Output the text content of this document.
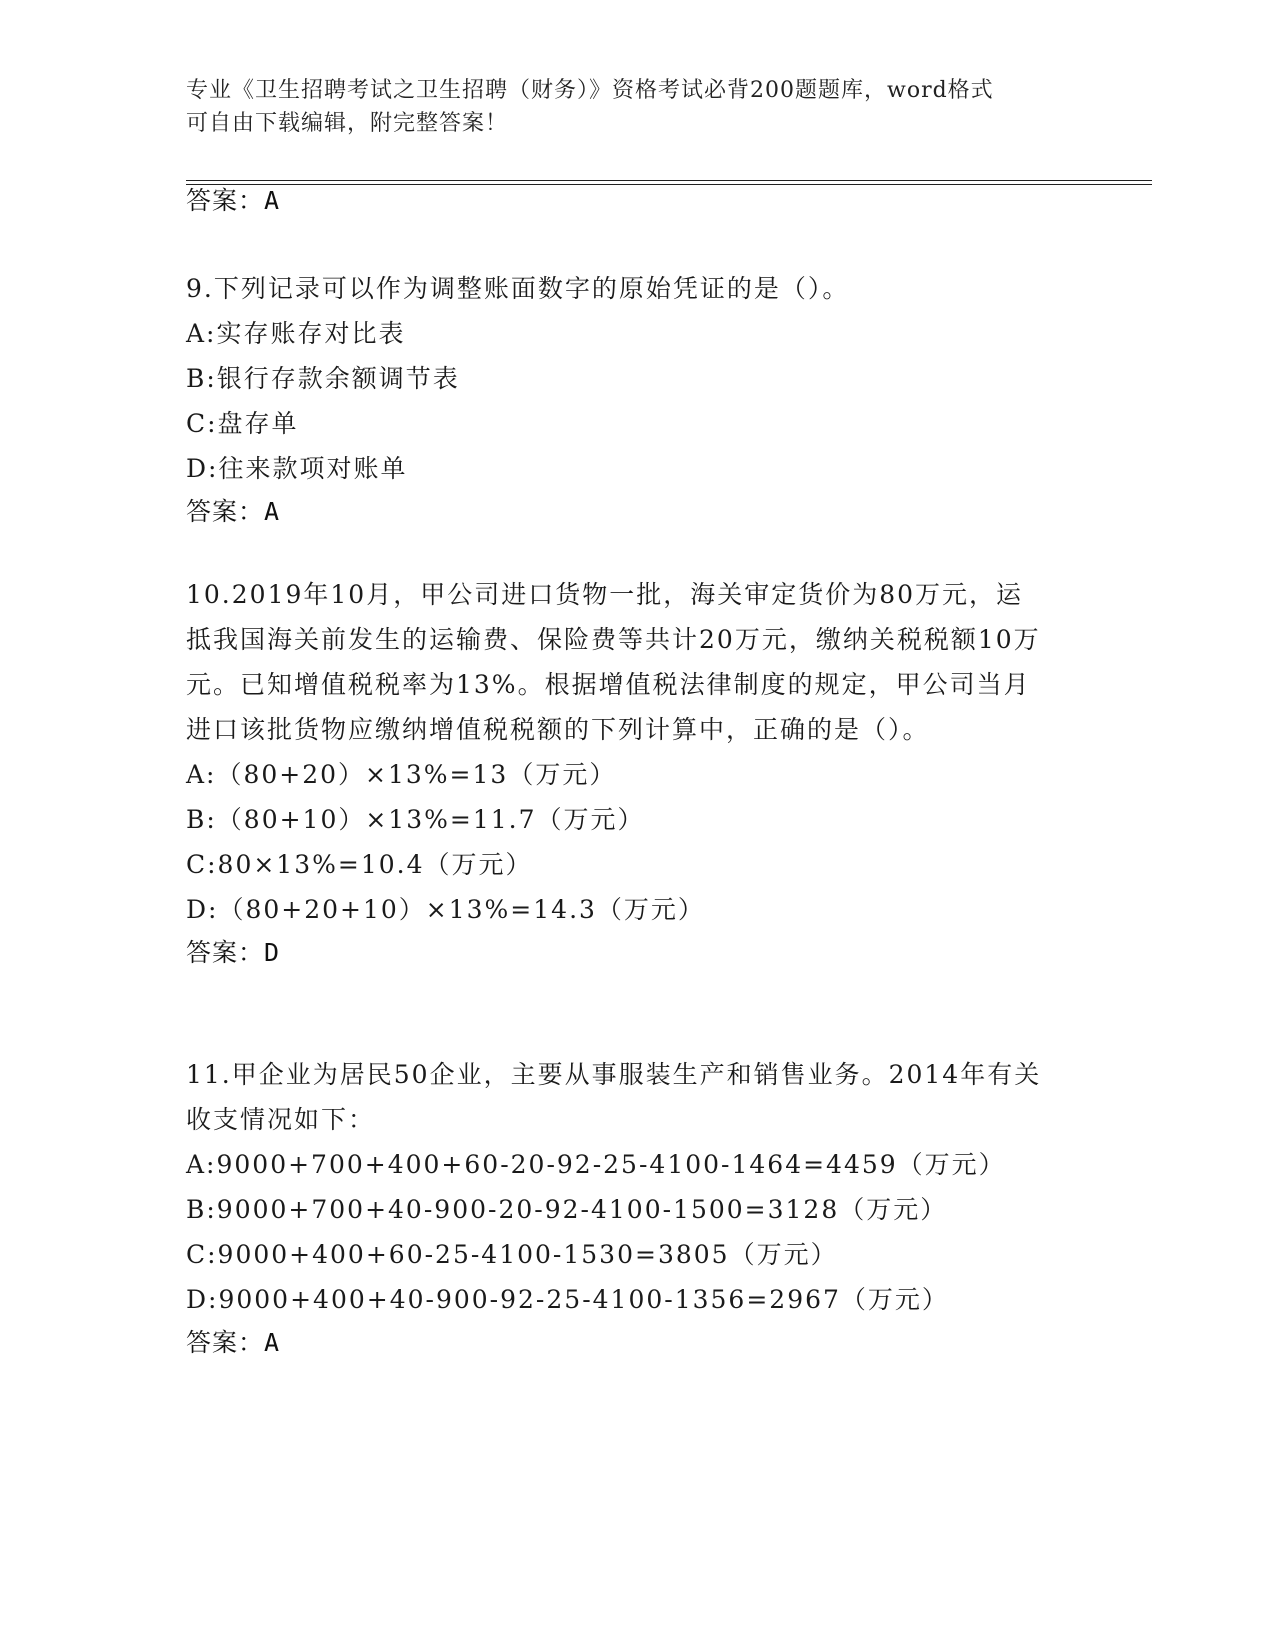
专业《卫生招聘考试之卫生招聘（财务）》资格考试必背200题题库，word格式
可自由下载编辑，附完整答案！
答案：A

9.下列记录可以作为调整账面数字的原始凭证的是（）。

A:实存账存对比表
B:银行存款余额调节表
C:盘存单
D:往来款项对账单
答案：A

10.2019年10月，甲公司进口货物一批，海关审定货价为80万元，运抵我国海关前发生的运输费、保险费等共计20万元，缴纳关税税额10万元。已知增值税税率为13%。根据增值税法律制度的规定，甲公司当月进口该批货物应缴纳增值税税额的下列计算中，正确的是（）。

A:（80+20）×13%=13（万元）
B:（80+10）×13%=11.7（万元）
C:80×13%=10.4（万元）
D:（80+20+10）×13%=14.3（万元）
答案：D

11.甲企业为居民50企业，主要从事服装生产和销售业务。2014年有关收支情况如下：

A:9000+700+400+60-20-92-25-4100-1464=4459（万元）
B:9000+700+40-900-20-92-4100-1500=3128（万元）
C:9000+400+60-25-4100-1530=3805（万元）
D:9000+400+40-900-92-25-4100-1356=2967（万元）
答案：A
